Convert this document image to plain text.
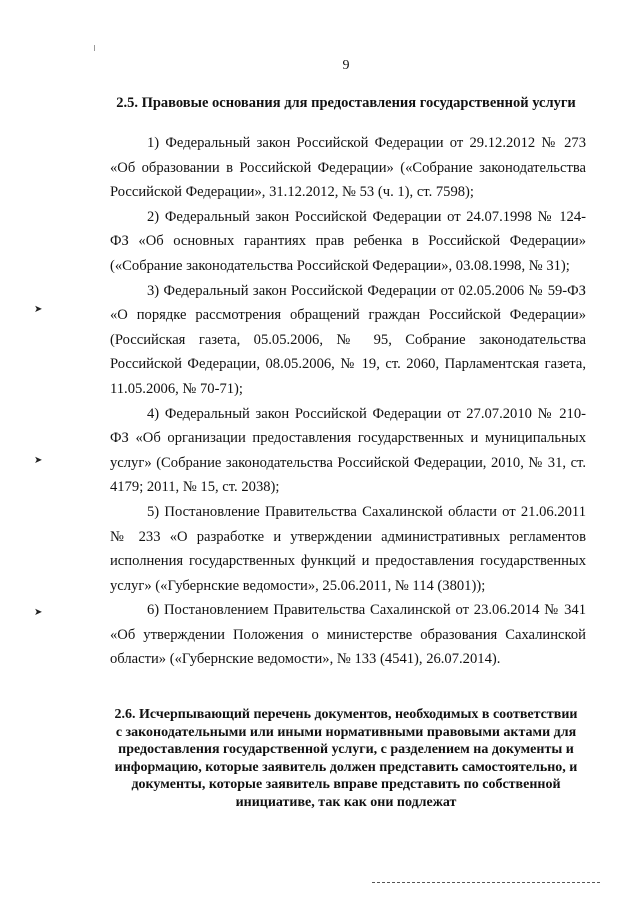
9
2.5. Правовые основания для предоставления государственной услуги

1) Федеральный закон Российской Федерации от 29.12.2012 № 273 «Об образовании в Российской Федерации» («Собрание законодательства Российской Федерации», 31.12.2012, № 53 (ч. 1), ст. 7598);

2) Федеральный закон Российской Федерации от 24.07.1998 № 124-ФЗ «Об основных гарантиях прав ребенка в Российской Федерации» («Собрание законодательства Российской Федерации», 03.08.1998, № 31);

3) Федеральный закон Российской Федерации от 02.05.2006 № 59-ФЗ «О порядке рассмотрения обращений граждан Российской Федерации» (Российская газета, 05.05.2006, № 95, Собрание законодательства Российской Федерации, 08.05.2006, № 19, ст. 2060, Парламентская газета, 11.05.2006, № 70-71);

4) Федеральный закон Российской Федерации от 27.07.2010 № 210-ФЗ «Об организации предоставления государственных и муниципальных услуг» (Собрание законодательства Российской Федерации, 2010, № 31, ст. 4179; 2011, № 15, ст. 2038);

5) Постановление Правительства Сахалинской области от 21.06.2011 № 233 «О разработке и утверждении административных регламентов исполнения государственных функций и предоставления государственных услуг» («Губернские ведомости», 25.06.2011, № 114 (3801));

6) Постановлением Правительства Сахалинской от 23.06.2014 № 341 «Об утверждении Положения о министерстве образования Сахалинской области» («Губернские ведомости», № 133 (4541), 26.07.2014).

➤
➤
➤
2.6. Исчерпывающий перечень документов, необходимых в соответствии с законодательными или иными нормативными правовыми актами для предоставления государственной услуги, с разделением на документы и информацию, которые заявитель должен представить самостоятельно, и документы, которые заявитель вправе представить по собственной инициативе, так как они подлежат
